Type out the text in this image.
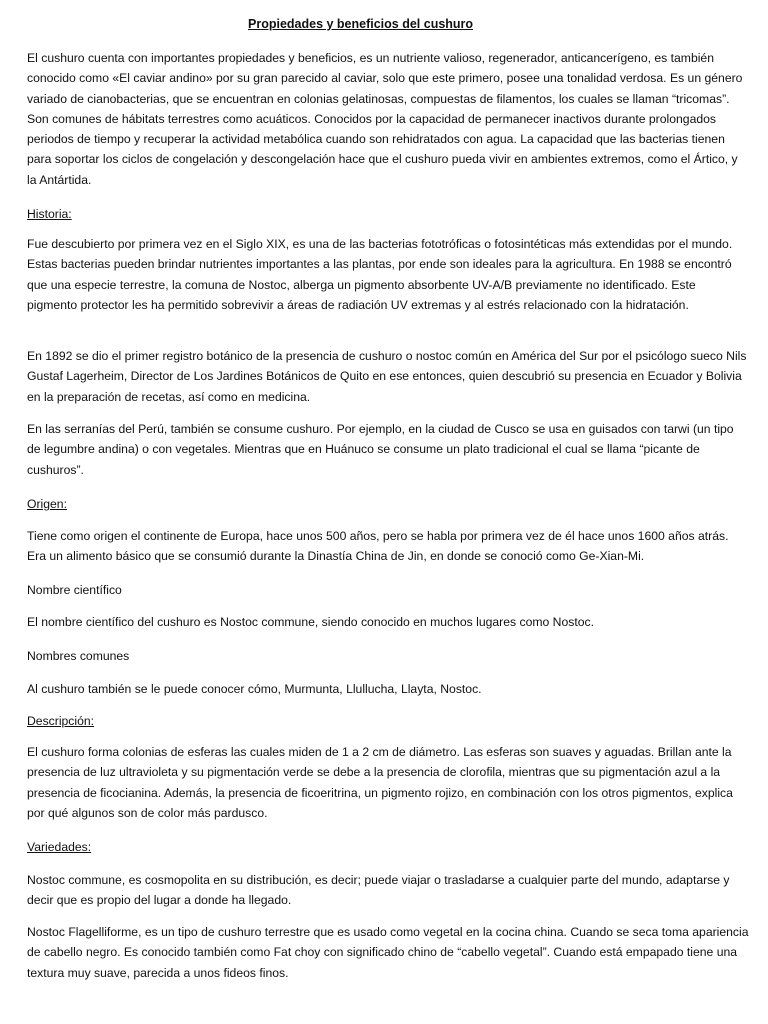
Propiedades y beneficios del cushuro

El cushuro cuenta con importantes propiedades y beneficios, es un nutriente valioso, regenerador, anticancerígeno, es también conocido como «El caviar andino» por su gran parecido al caviar, solo que este primero, posee una tonalidad verdosa. Es un género variado de cianobacterias, que se encuentran en colonias gelatinosas, compuestas de filamentos, los cuales se llaman “tricomas”. Son comunes de hábitats terrestres como acuáticos. Conocidos por la capacidad de permanecer inactivos durante prolongados periodos de tiempo y recuperar la actividad metabólica cuando son rehidratados con agua. La capacidad que las bacterias tienen para soportar los ciclos de congelación y descongelación hace que el cushuro pueda vivir en ambientes extremos, como el Ártico, y la Antártida.

Historia:

Fue descubierto por primera vez en el Siglo XIX, es una de las bacterias fototróficas o fotosintéticas más extendidas por el mundo. Estas bacterias pueden brindar nutrientes importantes a las plantas, por ende son ideales para la agricultura. En 1988 se encontró que una especie terrestre, la comuna de Nostoc, alberga un pigmento absorbente UV-A/B previamente no identificado. Este pigmento protector les ha permitido sobrevivir a áreas de radiación UV extremas y al estrés relacionado con la hidratación.

En 1892 se dio el primer registro botánico de la presencia de cushuro o nostoc común en América del Sur por el psicólogo sueco Nils Gustaf Lagerheim, Director de Los Jardines Botánicos de Quito en ese entonces, quien descubrió su presencia en Ecuador y Bolivia en la preparación de recetas, así como en medicina.

En las serranías del Perú, también se consume cushuro. Por ejemplo, en la ciudad de Cusco se usa en guisados con tarwi (un tipo de legumbre andina) o con vegetales. Mientras que en Huánuco se consume un plato tradicional el cual se llama “picante de cushuros”.

Origen:

Tiene como origen el continente de Europa, hace unos 500 años, pero se habla por primera vez de él hace unos 1600 años atrás. Era un alimento básico que se consumió durante la Dinastía China de Jin, en donde se conoció como Ge-Xian-Mi.

Nombre científico

El nombre científico del cushuro es Nostoc commune, siendo conocido en muchos lugares como Nostoc.

Nombres comunes

Al cushuro también se le puede conocer cómo, Murmunta, Llullucha, Llayta, Nostoc.

Descripción:

El cushuro forma colonias de esferas las cuales miden de 1 a 2 cm de diámetro. Las esferas son suaves y aguadas. Brillan ante la presencia de luz ultravioleta y su pigmentación verde se debe a la presencia de clorofila, mientras que su pigmentación azul a la presencia de ficocianina. Además, la presencia de ficoeritrina, un pigmento rojizo, en combinación con los otros pigmentos, explica por qué algunos son de color más pardusco.

Variedades:

Nostoc commune, es cosmopolita en su distribución, es decir; puede viajar o trasladarse a cualquier parte del mundo, adaptarse y decir que es propio del lugar a donde ha llegado.

Nostoc Flagelliforme, es un tipo de cushuro terrestre que es usado como vegetal en la cocina china. Cuando se seca toma apariencia de cabello negro. Es conocido también como Fat choy con significado chino de “cabello vegetal”. Cuando está empapado tiene una textura muy suave, parecida a unos fideos finos.
